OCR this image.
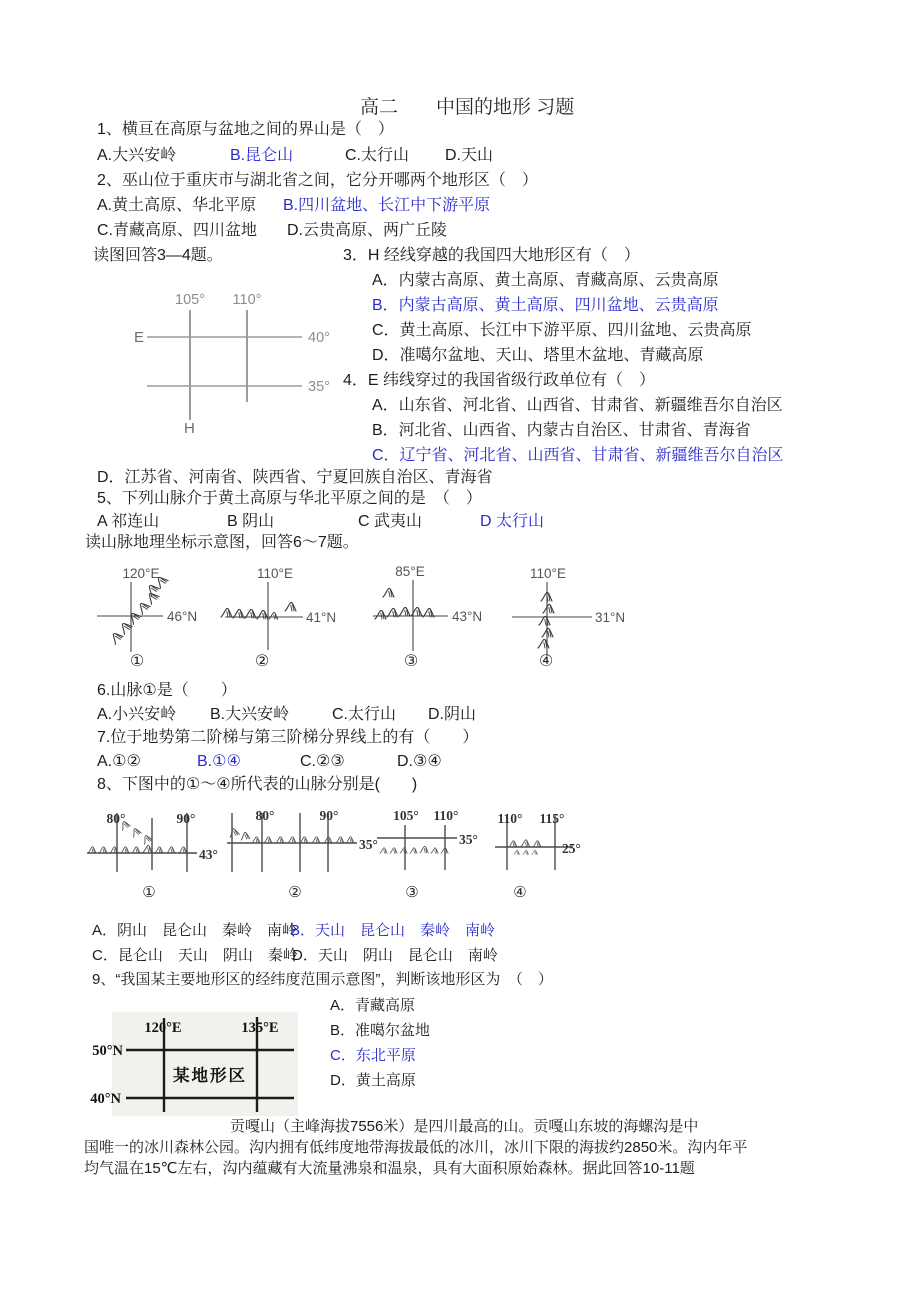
高二　　中国的地形 习题
1、横亘在高原与盆地之间的界山是（　）
A.大兴安岭	B.昆仑山	C.太行山 D.天山
2、巫山位于重庆市与湖北省之间，它分开哪两个地形区（　）
A.黄土高原、华北平原 B.四川盆地、长江中下游平原
C.青藏高原、四川盆地 D.云贵高原、两广丘陵
读图回答3—4题。	3．H 经线穿越的我国四大地形区有（　）
A．内蒙古高原、黄土高原、青藏高原、云贵高原
B．内蒙古高原、黄土高原、四川盆地、云贵高原
C．黄土高原、长江中下游平原、四川盆地、云贵高原
D．准噶尔盆地、天山、塔里木盆地、青藏高原
105° 110°
40°
35°
E
H
4．E 纬线穿过的我国省级行政单位有（　）
A．山东省、河北省、山西省、甘肃省、新疆维吾尔自治区
B．河北省、山西省、内蒙古自治区、甘肃省、青海省
C．辽宁省、河北省、山西省、甘肃省、新疆维吾尔自治区
D．江苏省、河南省、陕西省、宁夏回族自治区、青海省
5、下列山脉介于黄土高原与华北平原之间的是　（　）
A 祁连山	B 阴山	C 武夷山	D 太行山
读山脉地理坐标示意图，回答6～7题。
120°E
46°N
110°E
41°N
85°E
43°N
110°E
31°N
①	②	③	④
6.山脉①是（　　）
A.小兴安岭 B.大兴安岭	C.太行山 D.阴山
7.位于地势第二阶梯与第三阶梯分界线上的有（　　）
A.①②	B.①④	C.②③	D.③④
8、下图中的①～④所代表的山脉分别是(　　)
80°	90°
43°
80°	90°
35°
105° 110°
35°
110° 115°
25°
①	②	③	④
A．阴山　昆仑山　秦岭　南岭
B．天山　昆仑山　秦岭　南岭
C．昆仑山　天山　阴山　秦岭
D．天山　阴山　昆仑山　南岭
9、“我国某主要地形区的经纬度范围示意图”，判断该地形区为　（　）
A．青藏高原
B．准噶尔盆地
C．东北平原
D．黄土高原
120°E	135°E
50°N
40°N
某地形区
贡嘎山（主峰海拔7556米）是四川最高的山。贡嘎山东坡的海螺沟是中
国唯一的冰川森林公园。沟内拥有低纬度地带海拔最低的冰川，冰川下限的海拔约2850米。沟内年平
均气温在15℃左右，沟内蕴藏有大流量沸泉和温泉，具有大面积原始森林。据此回答10-11题
